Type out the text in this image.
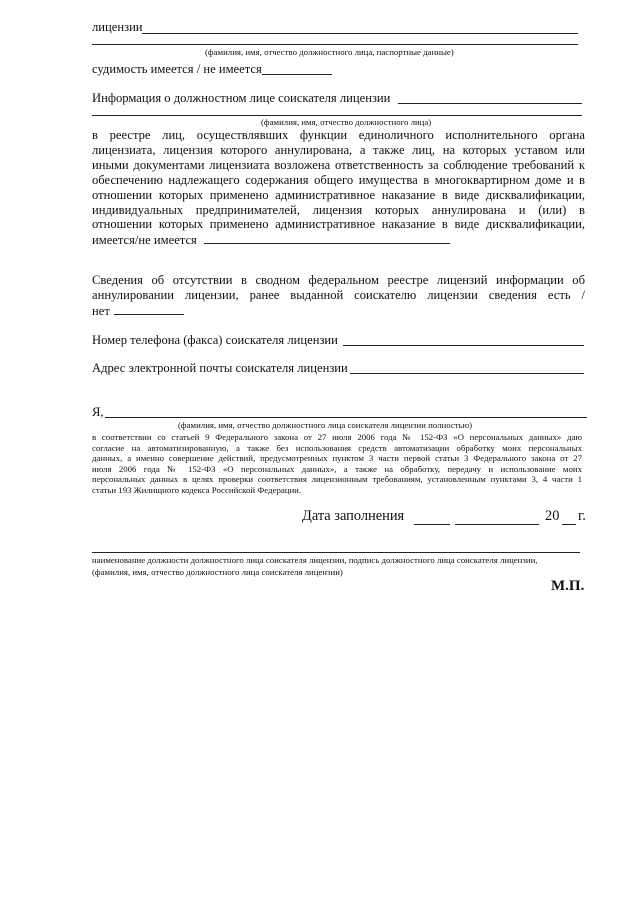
лицензии
(фамилия, имя, отчество должностного лица, паспортные данные)
судимость имеется / не имеется
Информация о должностном лице соискателя лицензии
(фамилия, имя, отчество должностного лица)
в реестре лиц, осуществлявших функции единоличного исполнительного органа
лицензиата, лицензия которого аннулирована, а также лиц, на которых уставом или
иными документами лицензиата возложена ответственность за соблюдение требований к
обеспечению надлежащего содержания общего имущества в многоквартирном доме и в
отношении которых применено административное наказание в виде дисквалификации,
индивидуальных предпринимателей, лицензия которых аннулирована и (или) в
отношении которых применено административное наказание в виде дисквалификации,
имеется/не имеется
Сведения об отсутствии в сводном федеральном реестре лицензий информации об
аннулировании лицензии, ранее выданной соискателю лицензии сведения есть /
нет
Номер телефона (факса) соискателя лицензии
Адрес электронной почты соискателя лицензии
Я,
(фамилия, имя, отчество должностного лица соискателя лицензии полностью)
в соответствии со статьей 9 Федерального закона от 27 июля 2006 года № 152-ФЗ «О персональных данных» даю
согласие на автоматизированную, а также без использования средств автоматизации обработку моих персональных
данных, а именно совершение действий, предусмотренных пунктом 3 части первой статьи 3 Федерального закона от 27
июля 2006 года № 152-ФЗ «О персональных данных», а также на обработку, передачу и использование моих
персональных данных в целях проверки соответствия лицензионным требованиям, установленным пунктами 3, 4 части 1
статьи 193 Жилищного кодекса Российской Федерации.
Дата заполнения	20 г.
наименование должности должностного лица соискателя лицензии, подпись должностного лица соискателя лицензии,
(фамилия, имя, отчество должностного лица соискателя лицензии)
М.П.
